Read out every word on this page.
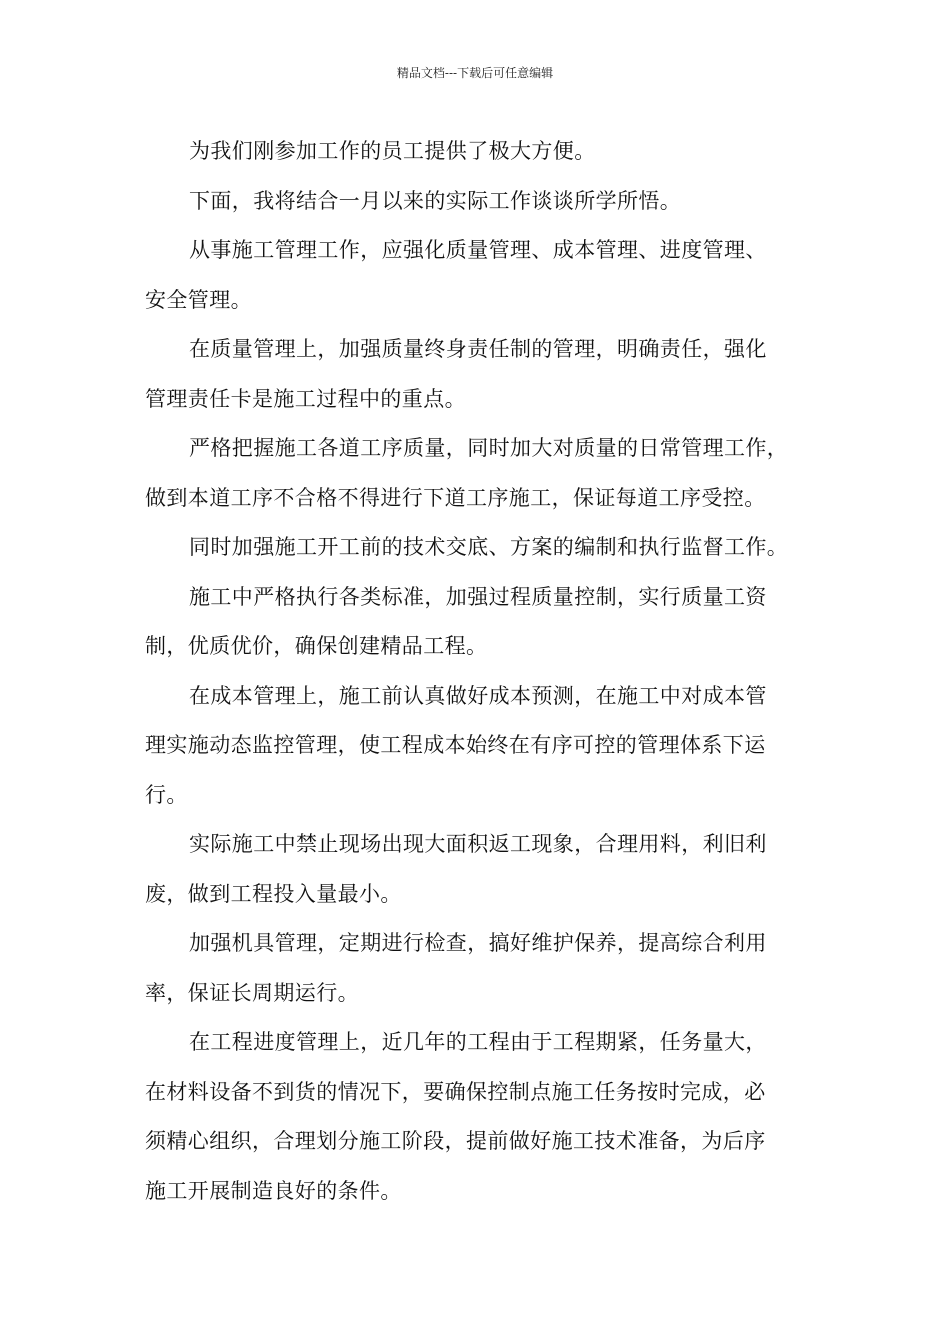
精品文档---下载后可任意编辑

为我们刚参加工作的员工提供了极大方便。

下面，我将结合一月以来的实际工作谈谈所学所悟。

从事施工管理工作，应强化质量管理、成本管理、进度管理、
安全管理。

在质量管理上，加强质量终身责任制的管理，明确责任，强化
管理责任卡是施工过程中的重点。

严格把握施工各道工序质量，同时加大对质量的日常管理工作，
做到本道工序不合格不得进行下道工序施工，保证每道工序受控。

同时加强施工开工前的技术交底、方案的编制和执行监督工作。

施工中严格执行各类标准，加强过程质量控制，实行质量工资
制，优质优价，确保创建精品工程。

在成本管理上，施工前认真做好成本预测，在施工中对成本管
理实施动态监控管理，使工程成本始终在有序可控的管理体系下运
行。

实际施工中禁止现场出现大面积返工现象，合理用料，利旧利
废，做到工程投入量最小。

加强机具管理，定期进行检查，搞好维护保养，提高综合利用
率，保证长周期运行。

在工程进度管理上，近几年的工程由于工程期紧，任务量大，
在材料设备不到货的情况下，要确保控制点施工任务按时完成，必
须精心组织，合理划分施工阶段，提前做好施工技术准备，为后序
施工开展制造良好的条件。
